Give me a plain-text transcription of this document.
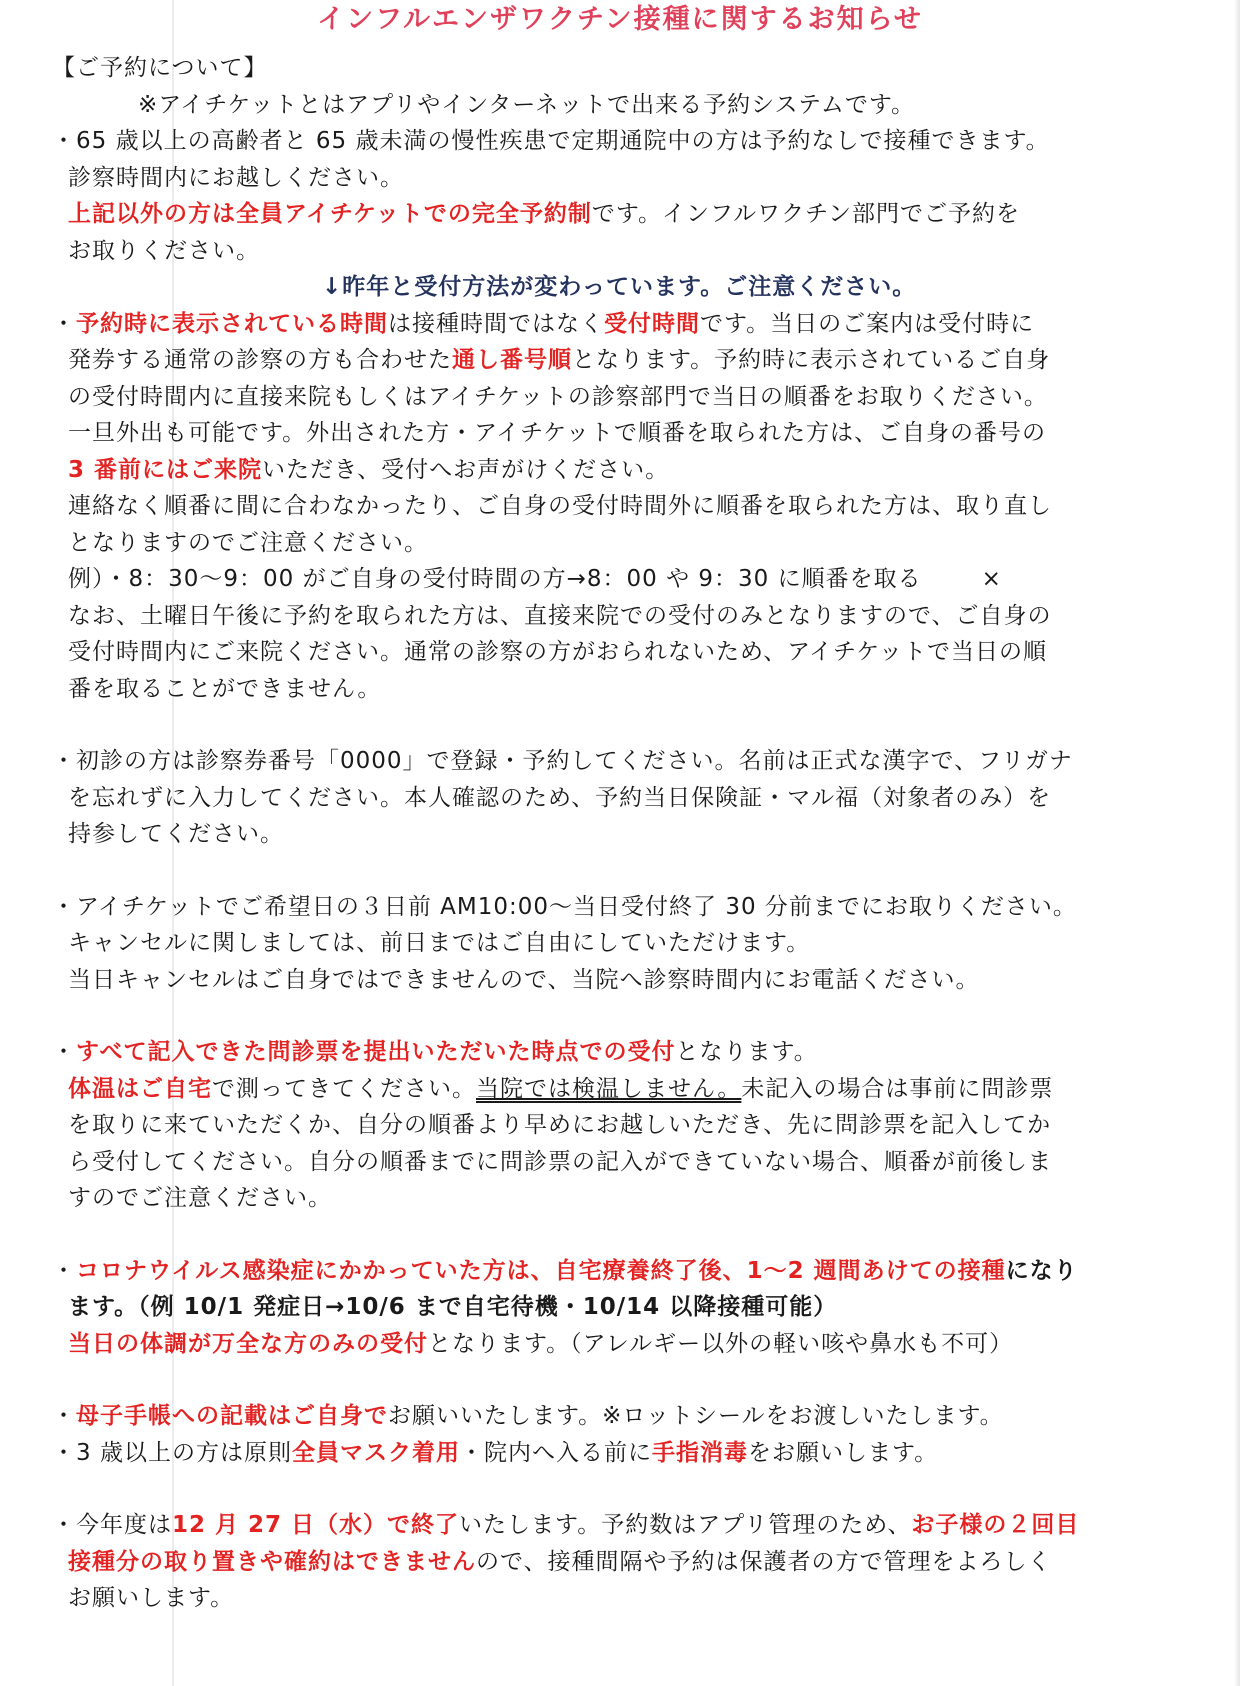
インフルエンザワクチン接種に関するお知らせ
【ご予約について】
※アイチケットとはアプリやインターネットで出来る予約システムです。
・65 歳以上の高齢者と 65 歳未満の慢性疾患で定期通院中の方は予約なしで接種できます。
診察時間内にお越しください。
上記以外の方は全員アイチケットでの完全予約制です。インフルワクチン部門でご予約を
お取りください。
↓昨年と受付方法が変わっています。ご注意ください。
・予約時に表示されている時間は接種時間ではなく受付時間です。当日のご案内は受付時に
発券する通常の診察の方も合わせた通し番号順となります。予約時に表示されているご自身
の受付時間内に直接来院もしくはアイチケットの診察部門で当日の順番をお取りください。
一旦外出も可能です。外出された方・アイチケットで順番を取られた方は、ご自身の番号の
3 番前にはご来院いただき、受付へお声がけください。
連絡なく順番に間に合わなかったり、ご自身の受付時間外に順番を取られた方は、取り直し
となりますのでご注意ください。
例）・8：30～9：00 がご自身の受付時間の方→8：00 や 9：30 に順番を取る	×
なお、土曜日午後に予約を取られた方は、直接来院での受付のみとなりますので、ご自身の
受付時間内にご来院ください。通常の診察の方がおられないため、アイチケットで当日の順
番を取ることができません。
・初診の方は診察券番号「0000」で登録・予約してください。名前は正式な漢字で、フリガナ
を忘れずに入力してください。本人確認のため、予約当日保険証・マル福（対象者のみ）を
持参してください。
・アイチケットでご希望日の３日前 AM10:00～当日受付終了 30 分前までにお取りください。
キャンセルに関しましては、前日まではご自由にしていただけます。
当日キャンセルはご自身ではできませんので、当院へ診察時間内にお電話ください。
・すべて記入できた問診票を提出いただいた時点での受付となります。
体温はご自宅で測ってきてください。当院では検温しません。未記入の場合は事前に問診票
を取りに来ていただくか、自分の順番より早めにお越しいただき、先に問診票を記入してか
ら受付してください。自分の順番までに問診票の記入ができていない場合、順番が前後しま
すのでご注意ください。
・コロナウイルス感染症にかかっていた方は、自宅療養終了後、1～2 週間あけての接種になり
ます。（例 10/1 発症日→10/6 まで自宅待機・10/14 以降接種可能）
当日の体調が万全な方のみの受付となります。（アレルギー以外の軽い咳や鼻水も不可）
・母子手帳への記載はご自身でお願いいたします。※ロットシールをお渡しいたします。
・3 歳以上の方は原則全員マスク着用・院内へ入る前に手指消毒をお願いします。
・今年度は12 月 27 日（水）で終了いたします。予約数はアプリ管理のため、お子様の２回目
接種分の取り置きや確約はできませんので、接種間隔や予約は保護者の方で管理をよろしく
お願いします。
